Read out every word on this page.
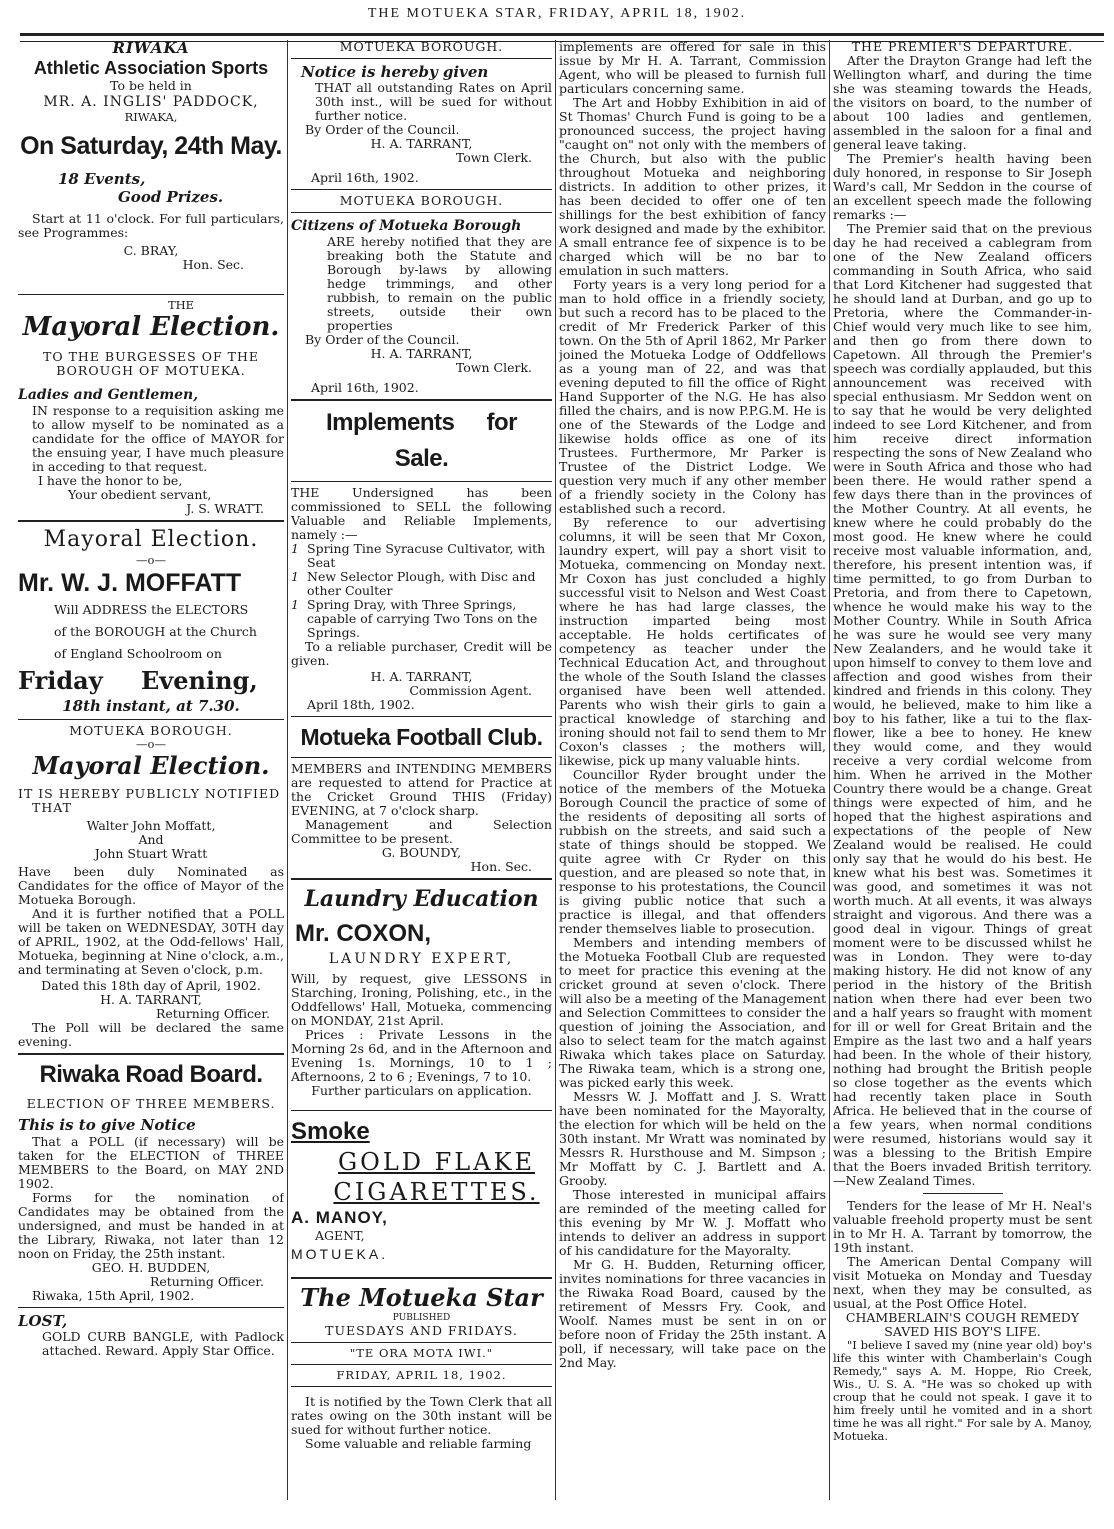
THE MOTUEKA STAR, FRIDAY, APRIL 18, 1902.
RIWAKA
Athletic Association Sports
To be held in
MR. A. INGLIS' PADDOCK,
RIWAKA,
On Saturday, 24th May.
18 Events,
Good Prizes.
Start at 11 o'clock. For full particulars, see Programmes:
C. BRAY,
Hon. Sec.
THE
Mayoral Election.
TO THE BURGESSES OF THE BOROUGH OF MOTUEKA.
Ladies and Gentlemen,
IN response to a requisition asking me to allow myself to be nominated as a candidate for the office of MAYOR for the ensuing year, I have much pleasure in acceding to that request.
I have the honor to be,
Your obedient servant,
J. S. WRATT.
Mayoral Election.
—o—
Mr. W. J. MOFFATT
Will ADDRESS the ELECTORS
of the BOROUGH at the Church
of England Schoolroom on
Friday Evening,
18th instant, at 7.30.
MOTUEKA BOROUGH.
—o—
Mayoral Election.
IT IS HEREBY PUBLICLY NOTIFIED THAT
Walter John Moffatt,
And
John Stuart Wratt
Have been duly Nominated as Candidates for the office of Mayor of the Motueka Borough.
And it is further notified that a POLL will be taken on WEDNESDAY, 30TH day of APRIL, 1902, at the Odd-fellows' Hall, Motueka, beginning at Nine o'clock, a.m., and terminating at Seven o'clock, p.m.
Dated this 18th day of April, 1902.
H. A. TARRANT,
Returning Officer.
The Poll will be declared the same evening.
Riwaka Road Board.
ELECTION OF THREE MEMBERS.
This is to give Notice
That a POLL (if necessary) will be taken for the ELECTION of THREE MEMBERS to the Board, on MAY 2ND 1902.
Forms for the nomination of Candidates may be obtained from the undersigned, and must be handed in at the Library, Riwaka, not later than 12 noon on Friday, the 25th instant.
GEO. H. BUDDEN,
Returning Officer.
Riwaka, 15th April, 1902.
LOST,
GOLD CURB BANGLE, with Padlock attached. Reward. Apply Star Office.
MOTUEKA BOROUGH.
Notice is hereby given
THAT all outstanding Rates on April 30th inst., will be sued for without further notice.
By Order of the Council.
H. A. TARRANT,
Town Clerk.
April 16th, 1902.
MOTUEKA BOROUGH.
Citizens of Motueka Borough
ARE hereby notified that they are breaking both the Statute and Borough by-laws by allowing hedge trimmings, and other rubbish, to remain on the public streets, outside their own properties
By Order of the Council.
H. A. TARRANT,
Town Clerk.
April 16th, 1902.
Implements for Sale.
THE Undersigned has been commissioned to SELL the following Valuable and Reliable Implements, namely :—
1 Spring Tine Syracuse Cultivator, with Seat
1 New Selector Plough, with Disc and other Coulter
1 Spring Dray, with Three Springs, capable of carrying Two Tons on the Springs.
To a reliable purchaser, Credit will be given.
H. A. TARRANT,
Commission Agent.
April 18th, 1902.
Motueka Football Club.
MEMBERS and INTENDING MEMBERS are requested to attend for Practice at the Cricket Ground THIS (Friday) EVENING, at 7 o'clock sharp.
Management and Selection Committee to be present.
G. BOUNDY,
Hon. Sec.
Laundry Education
Mr. COXON,
LAUNDRY EXPERT,
Will, by request, give LESSONS in Starching, Ironing, Polishing, etc., in the Oddfellows' Hall, Motueka, commencing on MONDAY, 21st April.
Prices : Private Lessons in the Morning 2s 6d, and in the Afternoon and Evening 1s. Mornings, 10 to 1 ; Afternoons, 2 to 6 ; Evenings, 7 to 10.
Further particulars on application.
Smoke
GOLD FLAKE
CIGARETTES.
A. MANOY,
AGENT,
MOTUEKA.
The Motueka Star
PUBLISHED
TUESDAYS AND FRIDAYS.
"TE ORA MOTA IWI."
FRIDAY, APRIL 18, 1902.

It is notified by the Town Clerk that all rates owing on the 30th instant will be sued for without further notice.

Some valuable and reliable farming

implements are offered for sale in this issue by Mr H. A. Tarrant, Commission Agent, who will be pleased to furnish full particulars concerning same.

The Art and Hobby Exhibition in aid of St Thomas' Church Fund is going to be a pronounced success, the project having "caught on" not only with the members of the Church, but also with the public throughout Motueka and neighboring districts. In addition to other prizes, it has been decided to offer one of ten shillings for the best exhibition of fancy work designed and made by the exhibitor. A small entrance fee of sixpence is to be charged which will be no bar to emulation in such matters.

Forty years is a very long period for a man to hold office in a friendly society, but such a record has to be placed to the credit of Mr Frederick Parker of this town. On the 5th of April 1862, Mr Parker joined the Motueka Lodge of Oddfellows as a young man of 22, and was that evening deputed to fill the office of Right Hand Supporter of the N.G. He has also filled the chairs, and is now P.P.G.M. He is one of the Stewards of the Lodge and likewise holds office as one of its Trustees. Furthermore, Mr Parker is Trustee of the District Lodge. We question very much if any other member of a friendly society in the Colony has established such a record.

By reference to our advertising columns, it will be seen that Mr Coxon, laundry expert, will pay a short visit to Motueka, commencing on Monday next. Mr Coxon has just concluded a highly successful visit to Nelson and West Coast where he has had large classes, the instruction imparted being most acceptable. He holds certificates of competency as teacher under the Technical Education Act, and throughout the whole of the South Island the classes organised have been well attended. Parents who wish their girls to gain a practical knowledge of starching and ironing should not fail to send them to Mr Coxon's classes ; the mothers will, likewise, pick up many valuable hints.

Councillor Ryder brought under the notice of the members of the Motueka Borough Council the practice of some of the residents of depositing all sorts of rubbish on the streets, and said such a state of things should be stopped. We quite agree with Cr Ryder on this question, and are pleased so note that, in response to his protestations, the Council is giving public notice that such a practice is illegal, and that offenders render themselves liable to prosecution.

Members and intending members of the Motueka Football Club are requested to meet for practice this evening at the cricket ground at seven o'clock. There will also be a meeting of the Management and Selection Committees to consider the question of joining the Association, and also to select team for the match against Riwaka which takes place on Saturday. The Riwaka team, which is a strong one, was picked early this week.

Messrs W. J. Moffatt and J. S. Wratt have been nominated for the Mayoralty, the election for which will be held on the 30th instant. Mr Wratt was nominated by Messrs R. Hursthouse and M. Simpson ; Mr Moffatt by C. J. Bartlett and A. Grooby.

Those interested in municipal affairs are reminded of the meeting called for this evening by Mr W. J. Moffatt who intends to deliver an address in support of his candidature for the Mayoralty.

Mr G. H. Budden, Returning officer, invites nominations for three vacancies in the Riwaka Road Board, caused by the retirement of Messrs Fry. Cook, and Woolf. Names must be sent in on or before noon of Friday the 25th instant. A poll, if necessary, will take pace on the 2nd May.

THE PREMIER'S DEPARTURE.

After the Drayton Grange had left the Wellington wharf, and during the time she was steaming towards the Heads, the visitors on board, to the number of about 100 ladies and gentlemen, assembled in the saloon for a final and general leave taking.

The Premier's health having been duly honored, in response to Sir Joseph Ward's call, Mr Seddon in the course of an excellent speech made the following remarks :—

The Premier said that on the previous day he had received a cablegram from one of the New Zealand officers commanding in South Africa, who said that Lord Kitchener had suggested that he should land at Durban, and go up to Pretoria, where the Commander-in-Chief would very much like to see him, and then go from there down to Capetown. All through the Premier's speech was cordially applauded, but this announcement was received with special enthusiasm. Mr Seddon went on to say that he would be very delighted indeed to see Lord Kitchener, and from him receive direct information respecting the sons of New Zealand who were in South Africa and those who had been there. He would rather spend a few days there than in the provinces of the Mother Country. At all events, he knew where he could probably do the most good. He knew where he could receive most valuable information, and, therefore, his present intention was, if time permitted, to go from Durban to Pretoria, and from there to Capetown, whence he would make his way to the Mother Country. While in South Africa he was sure he would see very many New Zealanders, and he would take it upon himself to convey to them love and affection and good wishes from their kindred and friends in this colony. They would, he believed, make to him like a boy to his father, like a tui to the flax-flower, like a bee to honey. He knew they would come, and they would receive a very cordial welcome from him. When he arrived in the Mother Country there would be a change. Great things were expected of him, and he hoped that the highest aspirations and expectations of the people of New Zealand would be realised. He could only say that he would do his best. He knew what his best was. Sometimes it was good, and sometimes it was not worth much. At all events, it was always straight and vigorous. And there was a good deal in vigour. Things of great moment were to be discussed whilst he was in London. They were to-day making history. He did not know of any period in the history of the British nation when there had ever been two and a half years so fraught with moment for ill or well for Great Britain and the Empire as the last two and a half years had been. In the whole of their history, nothing had brought the British people so close together as the events which had recently taken place in South Africa. He believed that in the course of a few years, when normal conditions were resumed, historians would say it was a blessing to the British Empire that the Boers invaded British territory.—New Zealand Times.

Tenders for the lease of Mr H. Neal's valuable freehold property must be sent in to Mr H. A. Tarrant by tomorrow, the 19th instant.

The American Dental Company will visit Motueka on Monday and Tuesday next, when they may be consulted, as usual, at the Post Office Hotel.

CHAMBERLAIN'S COUGH REMEDY SAVED HIS BOY'S LIFE.

"I believe I saved my (nine year old) boy's life this winter with Chamberlain's Cough Remedy," says A. M. Hoppe, Rio Creek, Wis., U. S. A. "He was so choked up with croup that he could not speak. I gave it to him freely until he vomited and in a short time he was all right." For sale by A. Manoy, Motueka.
